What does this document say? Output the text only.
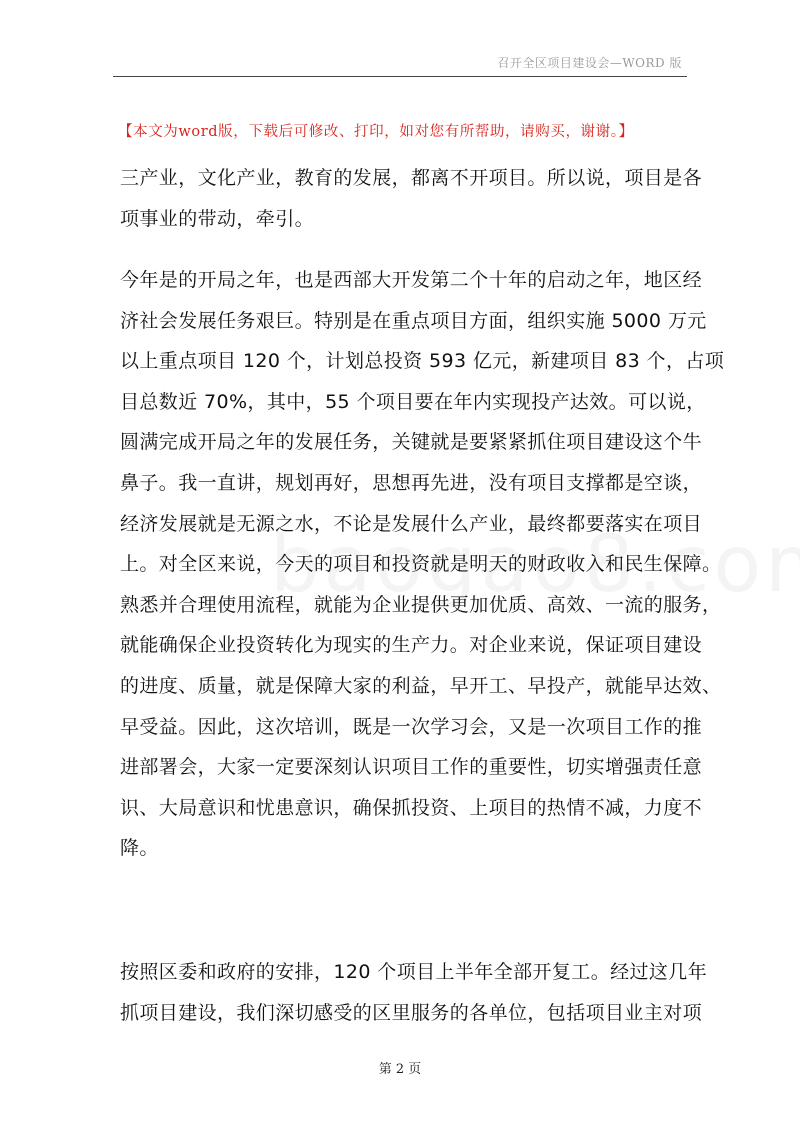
召开全区项目建设会—WORD 版
【本文为word版，下载后可修改、打印，如对您有所帮助，请购买，谢谢。】
三产业，文化产业，教育的发展，都离不开项目。所以说，项目是各
项事业的带动，牵引。
今年是的开局之年，也是西部大开发第二个十年的启动之年，地区经
济社会发展任务艰巨。特别是在重点项目方面，组织实施 5000 万元
以上重点项目 120 个，计划总投资 593 亿元，新建项目 83 个，占项
目总数近 70%，其中，55 个项目要在年内实现投产达效。可以说，
圆满完成开局之年的发展任务，关键就是要紧紧抓住项目建设这个牛
鼻子。我一直讲，规划再好，思想再先进，没有项目支撑都是空谈，
经济发展就是无源之水，不论是发展什么产业，最终都要落实在项目
上。对全区来说，今天的项目和投资就是明天的财政收入和民生保障。
熟悉并合理使用流程，就能为企业提供更加优质、高效、一流的服务，
就能确保企业投资转化为现实的生产力。对企业来说，保证项目建设
的进度、质量，就是保障大家的利益，早开工、早投产，就能早达效、
早受益。因此，这次培训，既是一次学习会，又是一次项目工作的推
进部署会，大家一定要深刻认识项目工作的重要性，切实增强责任意
识、大局意识和忧患意识，确保抓投资、上项目的热情不减，力度不
降。
按照区委和政府的安排，120 个项目上半年全部开复工。经过这几年
抓项目建设，我们深切感受的区里服务的各单位，包括项目业主对项
第 2 页
